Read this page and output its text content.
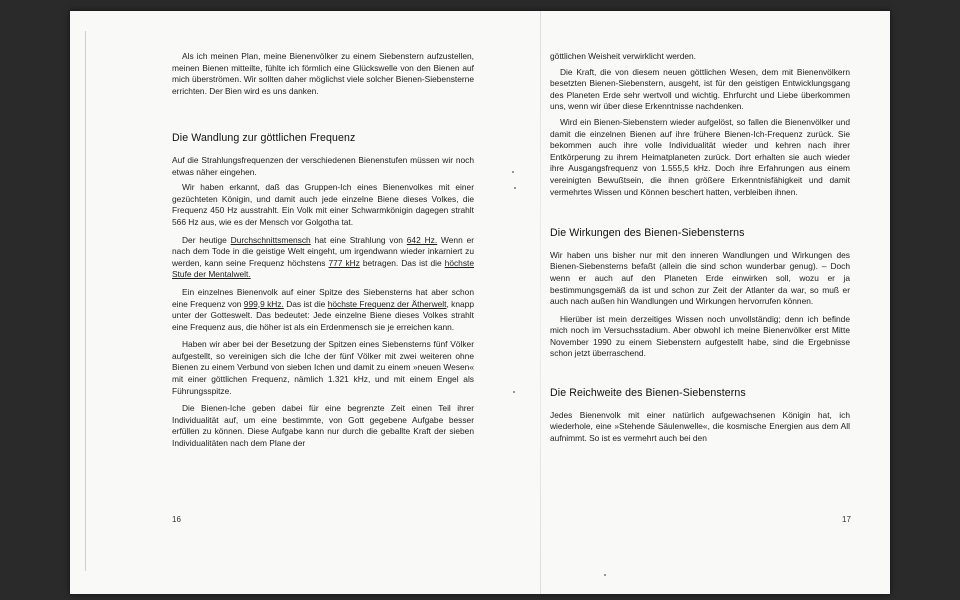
Als ich meinen Plan, meine Bienenvölker zu einem Siebenstern aufzustellen, meinen Bienen mitteilte, fühlte ich förmlich eine Glückswelle von den Bienen auf mich überströmen. Wir sollten daher möglichst viele solcher Bienen-Siebensterne errichten. Der Bien wird es uns danken.

Die Wandlung zur göttlichen Frequenz

Auf die Strahlungsfrequenzen der verschiedenen Bienenstufen müssen wir noch etwas näher eingehen.

Wir haben erkannt, daß das Gruppen-Ich eines Bienenvolkes mit einer gezüchteten Königin, und damit auch jede einzelne Biene dieses Volkes, die Frequenz 450 Hz ausstrahlt. Ein Volk mit einer Schwarmkönigin dagegen strahlt 566 Hz aus, wie es der Mensch vor Golgotha tat.

Der heutige Durchschnittsmensch hat eine Strahlung von 642 Hz. Wenn er nach dem Tode in die geistige Welt eingeht, um irgendwann wieder inkarniert zu werden, kann seine Frequenz höchstens 777 kHz betragen. Das ist die höchste Stufe der Mentalwelt.

Ein einzelnes Bienenvolk auf einer Spitze des Siebensterns hat aber schon eine Frequenz von 999,9 kHz. Das ist die höchste Frequenz der Ätherwelt, knapp unter der Gotteswelt. Das bedeutet: Jede einzelne Biene dieses Volkes strahlt eine Frequenz aus, die höher ist als ein Erdenmensch sie je erreichen kann.

Haben wir aber bei der Besetzung der Spitzen eines Siebensterns fünf Völker aufgestellt, so vereinigen sich die Iche der fünf Völker mit zwei weiteren ohne Bienen zu einem Verbund von sieben Ichen und damit zu einem »neuen Wesen« mit einer göttlichen Frequenz, nämlich 1.321 kHz, und mit einem Engel als Führungsspitze.

Die Bienen-Iche geben dabei für eine begrenzte Zeit einen Teil ihrer Individualität auf, um eine bestimmte, von Gott gegebene Aufgabe besser erfüllen zu können. Diese Aufgabe kann nur durch die geballte Kraft der sieben Individualitäten nach dem Plane der

16

göttlichen Weisheit verwirklicht werden.

Die Kraft, die von diesem neuen göttlichen Wesen, dem mit Bienenvölkern besetzten Bienen-Siebenstern, ausgeht, ist für den geistigen Entwicklungsgang des Planeten Erde sehr wertvoll und wichtig. Ehrfurcht und Liebe überkommen uns, wenn wir über diese Erkenntnisse nachdenken.

Wird ein Bienen-Siebenstern wieder aufgelöst, so fallen die Bienenvölker und damit die einzelnen Bienen auf ihre frühere Bienen-Ich-Frequenz zurück. Sie bekommen auch ihre volle Individualität wieder und kehren nach ihrer Entkörperung zu ihrem Heimatplaneten zurück. Dort erhalten sie auch wieder ihre Ausgangsfrequenz von 1.555,5 kHz. Doch ihre Erfahrungen aus einem vereinigten Bewußtsein, die ihnen größere Erkenntnisfähigkeit und damit vermehrtes Wissen und Können beschert hatten, verbleiben ihnen.

Die Wirkungen des Bienen-Siebensterns

Wir haben uns bisher nur mit den inneren Wandlungen und Wirkungen des Bienen-Siebensterns befaßt (allein die sind schon wunderbar genug). – Doch wenn er auch auf den Planeten Erde einwirken soll, wozu er ja bestimmungsgemäß da ist und schon zur Zeit der Atlanter da war, so muß er auch nach außen hin Wandlungen und Wirkungen hervorrufen können.

Hierüber ist mein derzeitiges Wissen noch unvollständig; denn ich befinde mich noch im Versuchsstadium. Aber obwohl ich meine Bienenvölker erst Mitte November 1990 zu einem Siebenstern aufgestellt habe, sind die Ergebnisse schon jetzt überraschend.

Die Reichweite des Bienen-Siebensterns

Jedes Bienenvolk mit einer natürlich aufgewachsenen Königin hat, ich wiederhole, eine »Stehende Säulenwelle«, die kosmische Energien aus dem All aufnimmt. So ist es vermehrt auch bei den

17
